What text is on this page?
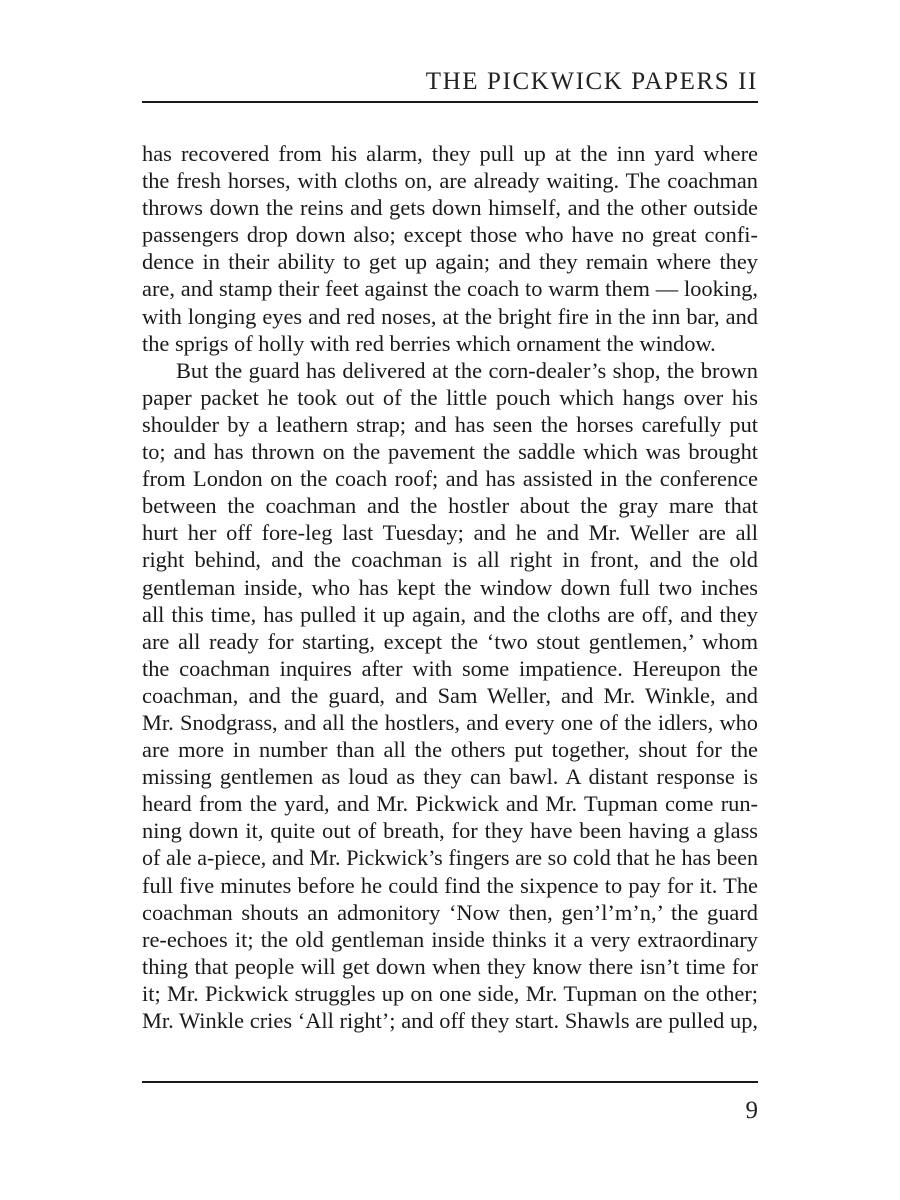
THE PICKWICK PAPERS II
has recovered from his alarm, they pull up at the inn yard where
the fresh horses, with cloths on, are already waiting. The coachman
throws down the reins and gets down himself, and the other outside
passengers drop down also; except those who have no great confi-
dence in their ability to get up again; and they remain where they
are, and stamp their feet against the coach to warm them — looking,
with longing eyes and red noses, at the bright fire in the inn bar, and
the sprigs of holly with red berries which ornament the window.
But the guard has delivered at the corn-dealer’s shop, the brown
paper packet he took out of the little pouch which hangs over his
shoulder by a leathern strap; and has seen the horses carefully put
to; and has thrown on the pavement the saddle which was brought
from London on the coach roof; and has assisted in the conference
between the coachman and the hostler about the gray mare that
hurt her off fore-leg last Tuesday; and he and Mr. Weller are all
right behind, and the coachman is all right in front, and the old
gentleman inside, who has kept the window down full two inches
all this time, has pulled it up again, and the cloths are off, and they
are all ready for starting, except the ‘two stout gentlemen,’ whom
the coachman inquires after with some impatience. Hereupon the
coachman, and the guard, and Sam Weller, and Mr. Winkle, and
Mr. Snodgrass, and all the hostlers, and every one of the idlers, who
are more in number than all the others put together, shout for the
missing gentlemen as loud as they can bawl. A distant response is
heard from the yard, and Mr. Pickwick and Mr. Tupman come run-
ning down it, quite out of breath, for they have been having a glass
of ale a-piece, and Mr. Pickwick’s fingers are so cold that he has been
full five minutes before he could find the sixpence to pay for it. The
coachman shouts an admonitory ‘Now then, gen’l’m’n,’ the guard
re-echoes it; the old gentleman inside thinks it a very extraordinary
thing that people will get down when they know there isn’t time for
it; Mr. Pickwick struggles up on one side, Mr. Tupman on the other;
Mr. Winkle cries ‘All right’; and off they start. Shawls are pulled up,
9
